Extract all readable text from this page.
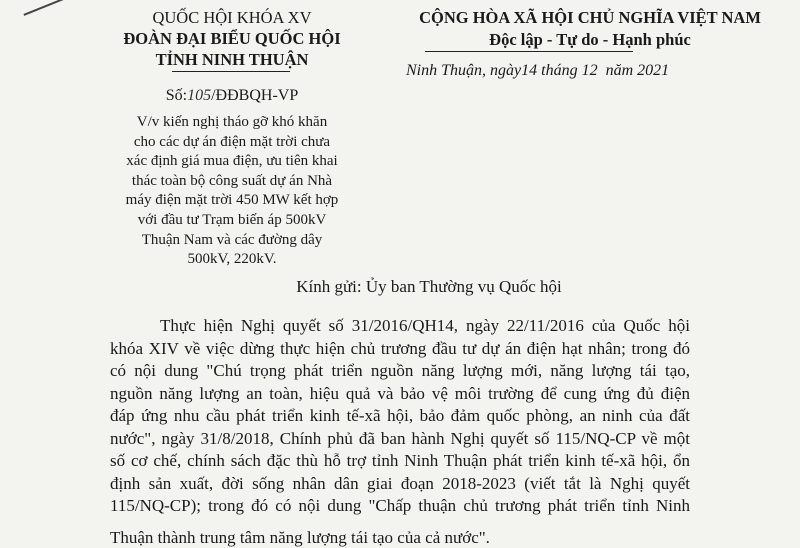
QUỐC HỘI KHÓA XV
ĐOÀN ĐẠI BIỂU QUỐC HỘI
TỈNH NINH THUẬN
Số:105/ĐĐBQH-VP
V/v kiến nghị tháo gỡ khó khăn
cho các dự án điện mặt trời chưa
xác định giá mua điện, ưu tiên khai
thác toàn bộ công suất dự án Nhà
máy điện mặt trời 450 MW kết hợp
với đầu tư Trạm biến áp 500kV
Thuận Nam và các đường dây
500kV, 220kV.
CỘNG HÒA XÃ HỘI CHỦ NGHĨA VIỆT NAM
Độc lập - Tự do - Hạnh phúc
Ninh Thuận, ngày14 tháng 12  năm 2021
Kính gửi: Ủy ban Thường vụ Quốc hội
Thực hiện Nghị quyết số 31/2016/QH14, ngày 22/11/2016 của Quốc hội
khóa XIV về việc dừng thực hiện chủ trương đầu tư dự án điện hạt nhân; trong đó
có nội dung "Chú trọng phát triển nguồn năng lượng mới, năng lượng tái tạo,
nguồn năng lượng an toàn, hiệu quả và bảo vệ môi trường để cung ứng đủ điện
đáp ứng nhu cầu phát triển kinh tế-xã hội, bảo đảm quốc phòng, an ninh của đất
nước", ngày 31/8/2018, Chính phủ đã ban hành Nghị quyết số 115/NQ-CP về một
số cơ chế, chính sách đặc thù hỗ trợ tỉnh Ninh Thuận phát triển kinh tế-xã hội, ổn
định sản xuất, đời sống nhân dân giai đoạn 2018-2023 (viết tắt là Nghị quyết
115/NQ-CP); trong đó có nội dung "Chấp thuận chủ trương phát triển tỉnh Ninh
Thuận thành trung tâm năng lượng tái tạo của cả nước".
